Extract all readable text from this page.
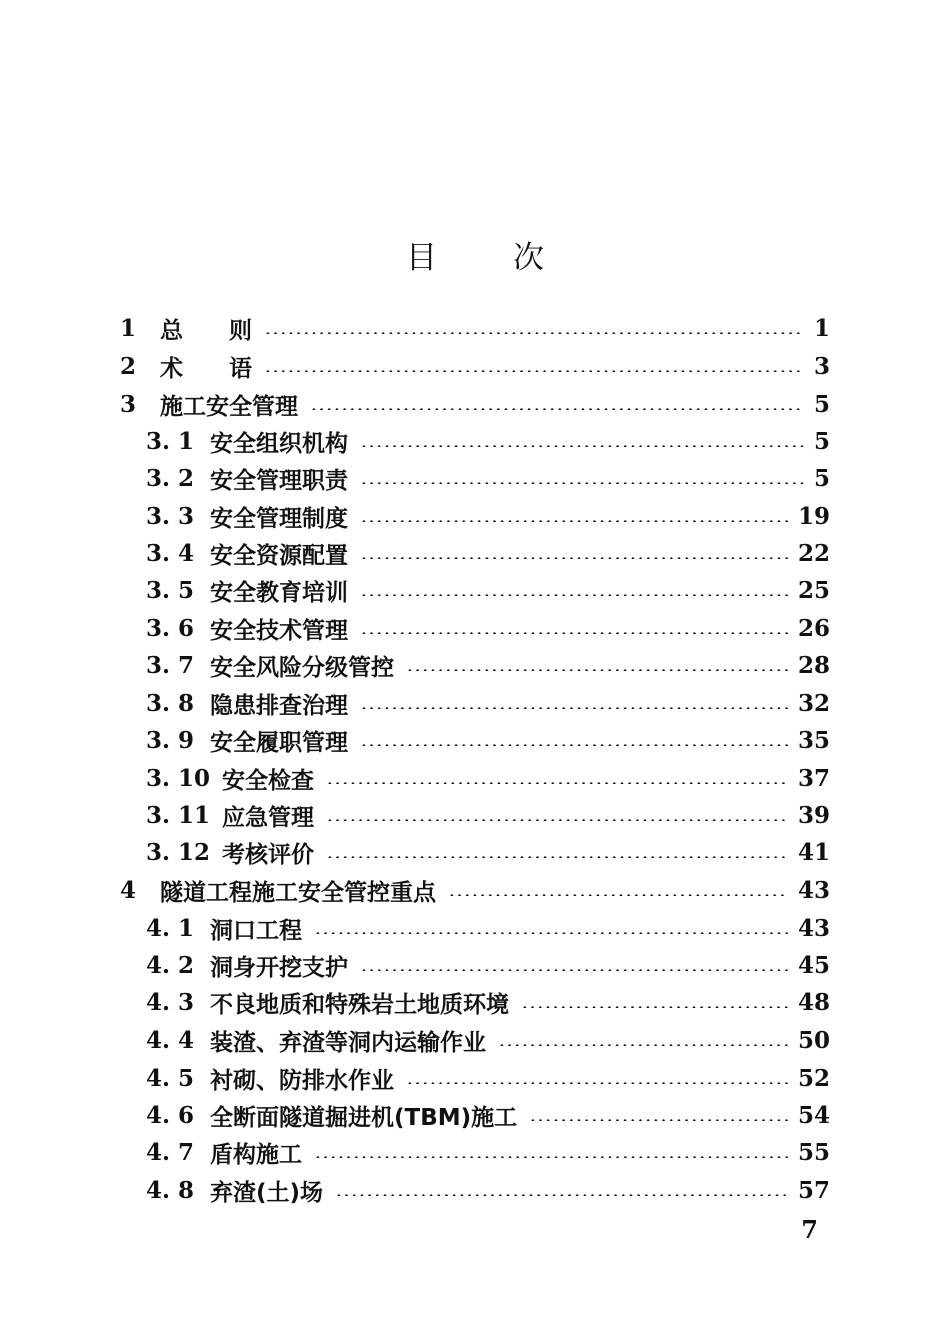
目 次
1 总　　则	1
2 术　　语	3
3 施工安全管理	5
3. 1 安全组织机构	5
3. 2 安全管理职责	5
3. 3 安全管理制度	19
3. 4 安全资源配置	22
3. 5 安全教育培训	25
3. 6 安全技术管理	26
3. 7 安全风险分级管控	28
3. 8 隐患排查治理	32
3. 9 安全履职管理	35
3. 10 安全检查	37
3. 11 应急管理	39
3. 12 考核评价	41
4 隧道工程施工安全管控重点	43
4. 1 洞口工程	43
4. 2 洞身开挖支护	45
4. 3 不良地质和特殊岩土地质环境	48
4. 4 装渣、弃渣等洞内运输作业	50
4. 5 衬砌、防排水作业	52
4. 6 全断面隧道掘进机(TBM)施工	54
4. 7 盾构施工	55
4. 8 弃渣(土)场	57
7
